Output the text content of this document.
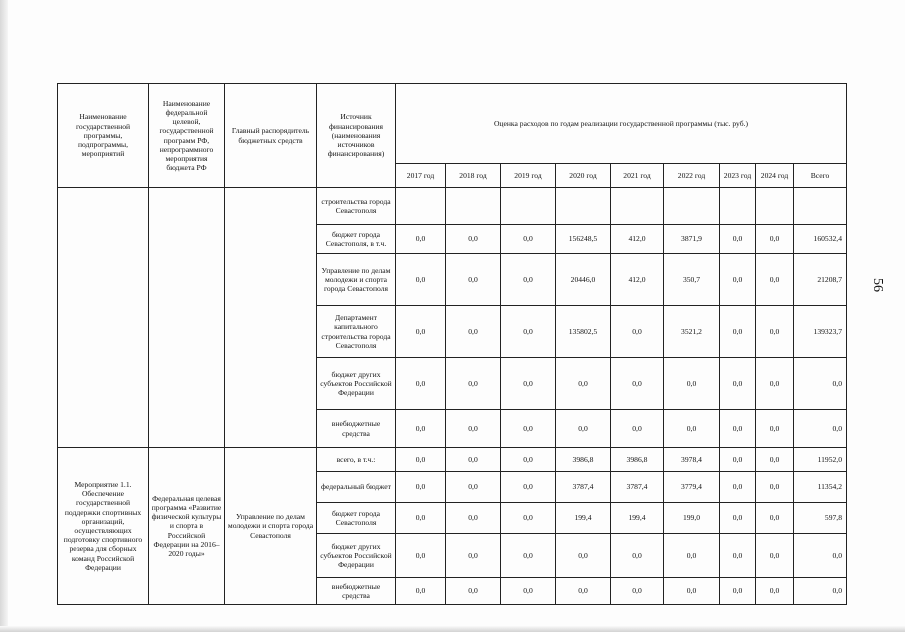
56
Наименование государственной программы, подпрограммы, мероприятий	Наименование федеральной целевой, государственной программ РФ, непрограммного мероприятия бюджета РФ	Главный распорядитель бюджетных средств	Источник финансирования (наименования источников финансирования)	Оценка расходов по годам реализации государственной программы (тыс. руб.)								
				2017 год	2018 год	2019 год	2020 год	2021 год	2022 год	2023 год	2024 год	Всего
			строительства города Севастополя									
			бюджет города Севастополя, в т.ч.	0,0	0,0	0,0	156248,5	412,0	3871,9	0,0	0,0	160532,4
			Управление по делам молодежи и спорта города Севастополя	0,0	0,0	0,0	20446,0	412,0	350,7	0,0	0,0	21208,7
			Департамент капитального строительства города Севастополя	0,0	0,0	0,0	135802,5	0,0	3521,2	0,0	0,0	139323,7
			бюджет других субъектов Российской Федерации	0,0	0,0	0,0	0,0	0,0	0,0	0,0	0,0	0,0
			внебюджетные средства	0,0	0,0	0,0	0,0	0,0	0,0	0,0	0,0	0,0
Мероприятие 1.1. Обеспечение государственной поддержки спортивных организаций, осуществляющих подготовку спортивного резерва для сборных команд Российской Федерации	Федеральная целевая программа «Развитие физической культуры и спорта в Российской Федерации на 2016–2020 годы»	Управление по делам молодежи и спорта города Севастополя	всего, в т.ч.:	0,0	0,0	0,0	3986,8	3986,8	3978,4	0,0	0,0	11952,0
			федеральный бюджет	0,0	0,0	0,0	3787,4	3787,4	3779,4	0,0	0,0	11354,2
			бюджет города Севастополя	0,0	0,0	0,0	199,4	199,4	199,0	0,0	0,0	597,8
			бюджет других субъектов Российской Федерации	0,0	0,0	0,0	0,0	0,0	0,0	0,0	0,0	0,0
			внебюджетные средства	0,0	0,0	0,0	0,0	0,0	0,0	0,0	0,0	0,0
